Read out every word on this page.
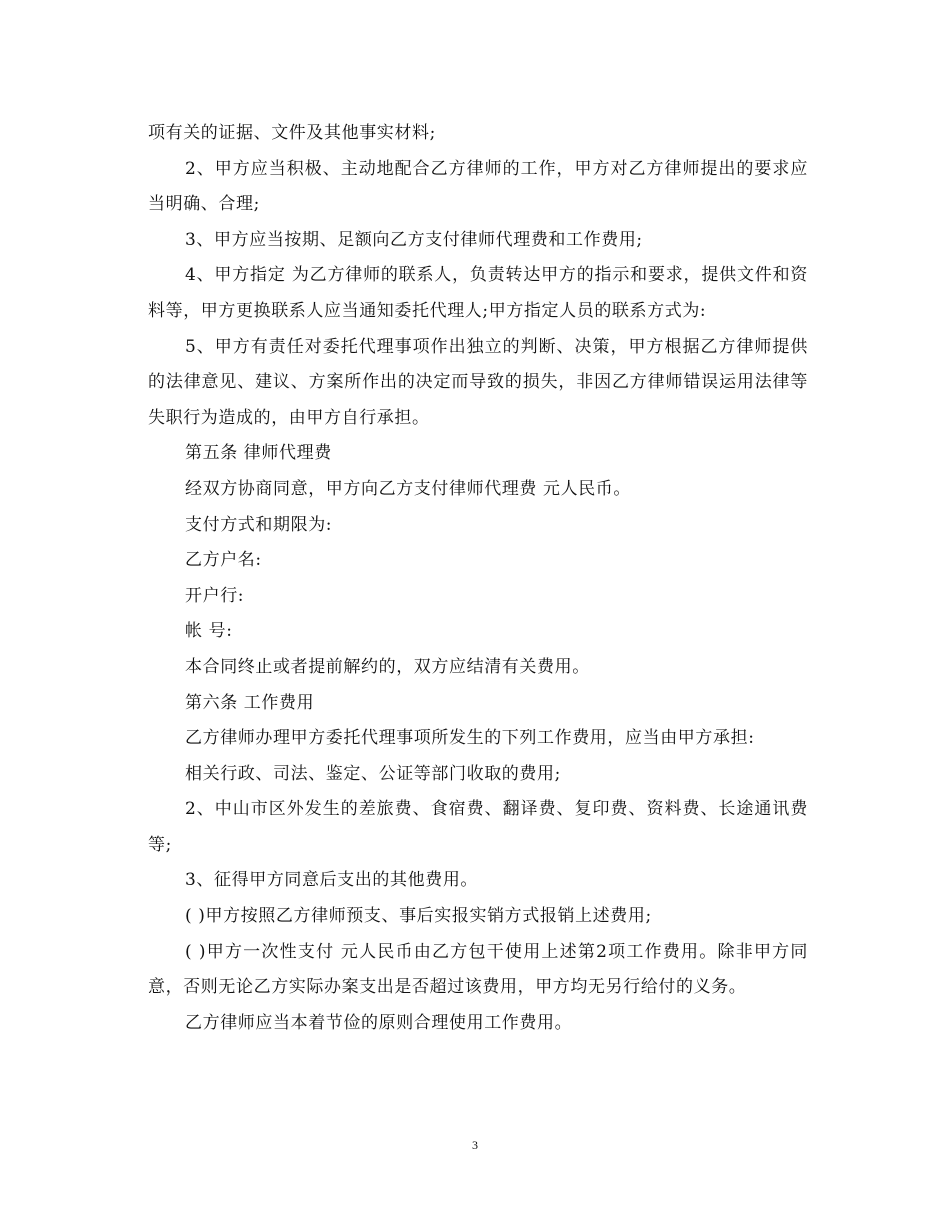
项有关的证据、文件及其他事实材料;

2、甲方应当积极、主动地配合乙方律师的工作，甲方对乙方律师提出的要求应当明确、合理;

3、甲方应当按期、足额向乙方支付律师代理费和工作费用;

4、甲方指定 为乙方律师的联系人，负责转达甲方的指示和要求，提供文件和资料等，甲方更换联系人应当通知委托代理人;甲方指定人员的联系方式为:

5、甲方有责任对委托代理事项作出独立的判断、决策，甲方根据乙方律师提供的法律意见、建议、方案所作出的决定而导致的损失，非因乙方律师错误运用法律等失职行为造成的，由甲方自行承担。

第五条 律师代理费

经双方协商同意，甲方向乙方支付律师代理费 元人民币。

支付方式和期限为:

乙方户名:

开户行:

帐 号:

本合同终止或者提前解约的，双方应结清有关费用。

第六条 工作费用

乙方律师办理甲方委托代理事项所发生的下列工作费用，应当由甲方承担:

相关行政、司法、鉴定、公证等部门收取的费用;

2、中山市区外发生的差旅费、食宿费、翻译费、复印费、资料费、长途通讯费等;

3、征得甲方同意后支出的其他费用。

( )甲方按照乙方律师预支、事后实报实销方式报销上述费用;

( )甲方一次性支付 元人民币由乙方包干使用上述第2项工作费用。除非甲方同意，否则无论乙方实际办案支出是否超过该费用，甲方均无另行给付的义务。

乙方律师应当本着节俭的原则合理使用工作费用。

3
